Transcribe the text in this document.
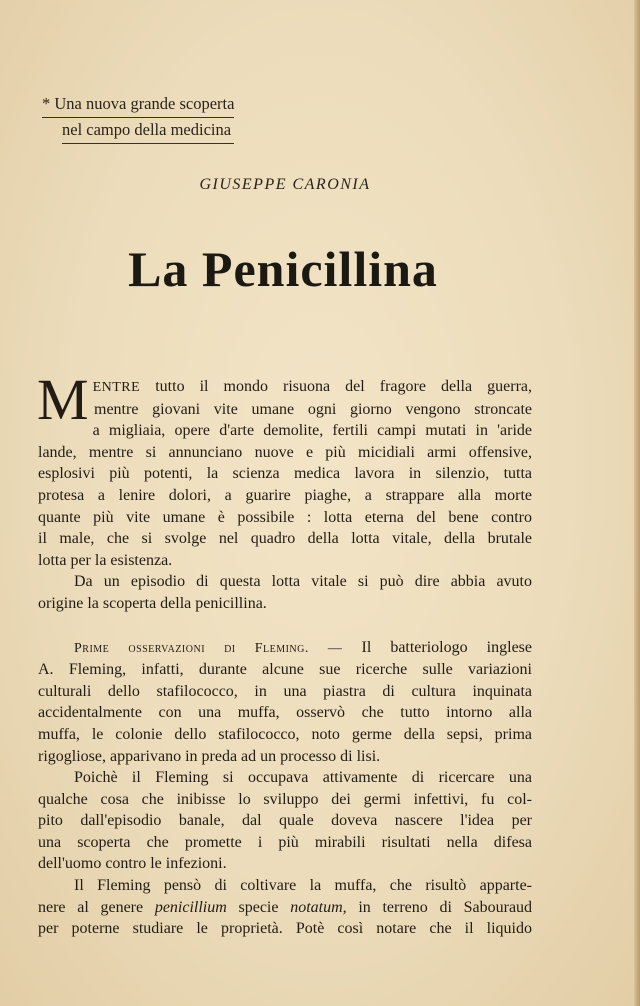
* Una nuova grande scoperta
nel campo della medicina
GIUSEPPE CARONIA
La Penicillina

M ENTRE tutto il mondo risuona del fragore della guerra,
mentre giovani vite umane ogni giorno vengono stroncate
a migliaia, opere d'arte demolite, fertili campi mutati in 'aride
lande, mentre si annunciano nuove e più micidiali armi offensive,
esplosivi più potenti, la scienza medica lavora in silenzio, tutta
protesa a lenire dolori, a guarire piaghe, a strappare alla morte
quante più vite umane è possibile : lotta eterna del bene contro
il male, che si svolge nel quadro della lotta vitale, della brutale
lotta per la esistenza.

Da un episodio di questa lotta vitale si può dire abbia avuto
origine la scoperta della penicillina.

Prime osservazioni di Fleming. — Il batteriologo inglese
A. Fleming, infatti, durante alcune sue ricerche sulle variazioni
culturali dello stafilococco, in una piastra di cultura inquinata
accidentalmente con una muffa, osservò che tutto intorno alla
muffa, le colonie dello stafilococco, noto germe della sepsi, prima
rigogliose, apparivano in preda ad un processo di lisi.

Poichè il Fleming si occupava attivamente di ricercare una
qualche cosa che inibisse lo sviluppo dei germi infettivi, fu col-
pito dall'episodio banale, dal quale doveva nascere l'idea per
una scoperta che promette i più mirabili risultati nella difesa
dell'uomo contro le infezioni.

Il Fleming pensò di coltivare la muffa, che risultò apparte-
nere al genere penicillium specie notatum, in terreno di Sabouraud
per poterne studiare le proprietà. Potè così notare che il liquido
